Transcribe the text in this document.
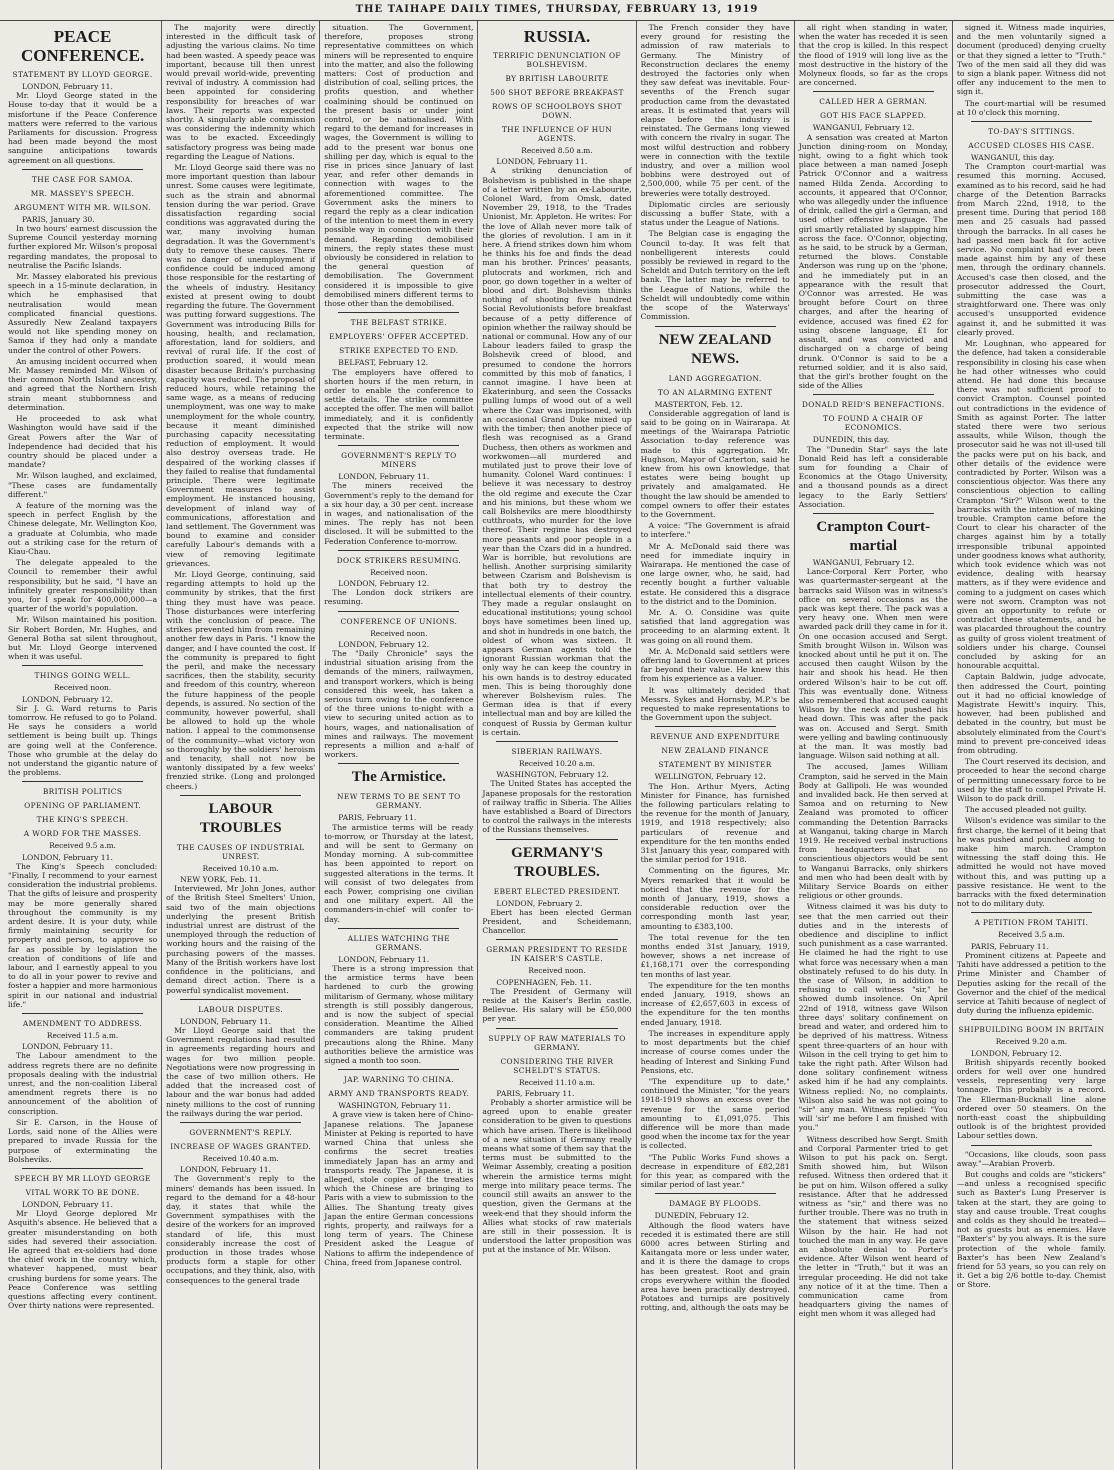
THE TAIHAPE DAILY TIMES, THURSDAY, FEBRUARY 13, 1919
PEACE CONFERENCE.
STATEMENT BY LLOYD GEORGE.
LONDON, February 11.

Mr. Lloyd George stated in the House to-day that it would be a misfortune if the Peace Conference matters were referred to the various Parliaments for discussion. Progress had been made beyond the most sanguine anticipations towards agreement on all questions.

THE CASE FOR SAMOA.
MR. MASSEY'S SPEECH.
ARGUMENT WITH MR. WILSON.
PARIS, January 30.

In two hours' earnest discussion the Supreme Council yesterday morning further explored Mr. Wilson's proposal regarding mandates, the proposal to neutralise the Pacific Islands.

Mr. Massey elaborated his previous speech in a 15-minute declaration, in which he emphasised that neutralisation would mean complicated financial questions. Assuredly New Zealand taxpayers would not like spending money on Samoa if they had only a mandate under the control of other Powers.

An amusing incident occurred when Mr. Massey reminded Mr. Wilson of their common North Island ancestry, and agreed that the Northern Irish strain meant stubbornness and determination.

He proceeded to ask what Washington would have said if the Great Powers after the War of Independence had decided that his country should be placed under a mandate?

Mr. Wilson laughed, and exclaimed, "These cases are fundamentally different."

A feature of the morning was the speech in perfect English by the Chinese delegate, Mr. Wellington Koo, a graduate at Columbia, who made out a striking case for the return of Kiau-Chau.

The delegate appealed to the Council to remember their awful responsibility, but he said, "I have an infinitely greater responsibility than you, for I speak for 400,000,000—a quarter of the world's population.

Mr. Wilson maintained his position. Sir Robert Borden, Mr. Hughes, and General Botha sat silent throughout, but Mr. Lloyd George intervened when it was useful.

THINGS GOING WELL.
Received noon.
LONDON, February 12.

Sir J. G. Ward returns to Paris tomorrow. He refused to go to Poland. He says he considers a world settlement is being built up. Things are going well at the Conference. Those who grumble at the delay do not understand the gigantic nature of the problems.

BRITISH POLITICS
OPENING OF PARLIAMENT.
THE KING'S SPEECH.
A WORD FOR THE MASSES.
Received 9.5 a.m.
LONDON, February 11.

The King's Speech concluded: "Finally, I recommend to your earnest consideration the industrial problems. That the gifts of leisure and prosperity may be more generally shared throughout the community is my ardent desire. It is your duty, while firmly maintaining security for property and person, to approve so far as possible by legislation the creation of conditions of life and labour, and I earnestly appeal to you to do all in your power to revive and foster a happier and more harmonious spirit in our national and industrial life."

AMENDMENT TO ADDRESS.
Received 11.5 a.m.
LONDON, February 11.

The Labour amendment to the address regrets there are no definite proposals dealing with the industrial unrest, and the non-coalition Liberal amendment regrets there is no announcement of the abolition of conscription.

Sir E. Carson, in the House of Lords, said none of the Allies were prepared to invade Russia for the purpose of exterminating the Bolsheviks.

SPEECH BY MR LLOYD GEORGE
VITAL WORK TO BE DONE.
LONDON, February 11.

Mr Lloyd George deplored Mr Asquith's absence. He believed that a greater misunderstanding on both sides had severed their association. He agreed that ex-soldiers had done the chief work in the country which, whatever happened, must bear crushing burdens for some years. The Peace Conference was settling questions affecting every continent. Over thirty nations were represented.

The majority were directly interested in the difficult task of adjusting the various claims. No time had been wasted. A speedy peace was important, because till then unrest would prevail world-wide, preventing revival of industry. A commission had been appointed for considering responsibility for breaches of war laws. Their reports was expected shortly. A singularly able commission was considering the indemnity which was to be exacted. Exceedingly satisfactory progress was being made regarding the League of Nations.

Mr. Lloyd George said there was no more important question than labour unrest. Some causes were legitimate, such as the strain and abnormal tension during the war period. Grave dissatisfaction regarding social conditions was aggravated during the war, many involving human degradation. It was the Government's duty to remove these causes. There was no danger of unemployment if confidence could be induced among those responsible for the restarting of the wheels of industry. Hesitancy existed at present owing to doubt regarding the future. The Government was putting forward suggestions. The Government was introducing Bills for housing, health, and reclamation, afforestation, land for soldiers, and revival of rural life. If the cost of production soared, it would mean disaster because Britain's purchasing capacity was reduced. The proposal of reduced hours, while retaining the same wage, as a means of reducing unemployment, was one way to make unemployment for the whole country, because it meant diminished purchasing capacity necessitating reduction of employment. It would also destroy overseas trade. He despaired of the working classes if they failed to realise that fundamental principle. There were legitimate Government measures to assist employment. He instanced housing, development of inland way of communications, afforestation and land settlement. The Government was bound to examine and consider carefully Labour's demands with a view of removing legitimate grievances.

Mr. Lloyd George, continuing, said regarding attempts to hold up the community by strikes, that the first thing they must have was peace. Those disturbances were interfering with the conclusion of peace. The strikes prevented him from remaining another few days in Paris. "I know the danger, and I have counted the cost. If the community is prepared to fight the peril, and make the necessary sacrifices, then the stability, security and freedom of this country, whereon the future happiness of the people depends, is assured. No section of the community, however powerful, shall be allowed to hold up the whole nation. I appeal to the commonsense of the community—what victory won so thoroughly by the soldiers' heroism and tenacity, shall not now be wantonly dissipated by a few weeks' frenzied strike. (Long and prolonged cheers.)

LABOUR TROUBLES
THE CAUSES OF INDUSTRIAL UNREST.
Received 10.10 a.m.
NEW YORK, Feb. 11.

Interviewed, Mr John Jones, author of the British Steel Smelters' Union, said two of the main objections underlying the present British industrial unrest are distrust of the unemployed through the reduction of working hours and the raising of the purchasing powers of the masses. Many of the British workers have lost confidence in the politicians, and demand direct action. There is a powerful syndicalist movement.

LABOUR DISPUTES.
LONDON, February 11.

Mr Lloyd George said that the Government regulations had resulted in agreements regarding hours and wages for two million people. Negotiations were now progressing in the case of two million others. He added that the increased cost of labour and the war bonus had added ninety millions to the cost of running the railways during the war period.

GOVERNMENT'S REPLY.
INCREASE OF WAGES GRANTED.
Received 10.40 a.m.
LONDON, February 11.

The Government's reply to the miners' demands has been issued. In regard to the demand for a 48-hour day, it states that while the Government sympathises with the desire of the workers for an improved standard of life, this must considerably increase the cost of production in those trades whose products form a staple for other occupations, and they think, also, with consequences to the general trade

situation. The Government, therefore, proposes strong representative committees on which miners will be represented to enquire into the matter, and also the following matters: Cost of production and distribution of coal, selling prices, the profits question, and whether coalmining should be continued on the present basis or under joint control, or be nationalised. With regard to the demand for increases in wages, the Government is willing to add to the present war bonus one shilling per day, which is equal to the rise in prices since January of last year, and refer other demands in connection with wages to the aforementioned committee. The Government asks the miners to regard the reply as a clear indication of the intention to meet them in every possible way in connection with their demand. Regarding demobilised miners, the reply states these must obviously be considered in relation to the general question of demobilisation. The Government considered it is impossible to give demobilised miners different terms to those other than the demobilised.

THE BELFAST STRIKE.
EMPLOYERS' OFFER ACCEPTED.
STRIKE EXPECTED TO END.
BELFAST, February 12.

The employers have offered to shorten hours if the men return, in order to enable the conference to settle details. The strike committee accepted the offer. The men will ballot immediately, and it is confidently expected that the strike will now terminate.

GOVERNMENT'S REPLY TO MINERS
LONDON, February 11.

The miners received the Government's reply to the demand for a six hour day, a 30 per cent. increase in wages, and nationalisation of the mines. The reply has not been disclosed. It will be submitted to the Federation Conference to-morrow.

DOCK STRIKERS RESUMING.
Received noon.
LONDON, February 12.

The London dock strikers are resuming.

CONFERENCE OF UNIONS.
Received noon.
LONDON, February 12.

The "Daily Chronicle" says the industrial situation arising from the demands of the miners, railwaymen, and transport workers, which is being considered this week, has taken a serious turn owing to the conference of the three unions to-night with a view to securing united action as to hours, wages, and nationalisation of mines and railways. The movement represents a million and a-half of workers.

The Armistice.
NEW TERMS TO BE SENT TO GERMANY.
PARIS, February 11.

The armistice terms will be ready to-morrow, or Thursday at the latest, and will be sent to Germany on Monday morning. A sub-committee has been appointed to report on suggested alterations in the terms. It will consist of two delegates from each Power, comprising one civilian and one military expert. All the commanders-in-chief will confer to-day.

ALLIES WATCHING THE GERMANS.
LONDON, February 11.

There is a strong impression that the armistice terms have been hardened to curb the growing militarism of Germany, whose military strength is still possibly dangerous, and is now the subject of special consideration. Meantime the Allied commanders are taking prudent precautions along the Rhine. Many authorities believe the armistice was signed a month too soon.

JAP. WARNING TO CHINA.
ARMY AND TRANSPORTS READY.
WASHINGTON, February 11.

A grave view is taken here of Chino-Japanese relations. The Japanese Minister at Peking is reported to have warned China that unless she confirms the secret treaties immediately Japan has an army and transports ready. The Japanese, it is alleged, stole copies of the treaties which the Chinese are bringing to Paris with a view to submission to the Allies. The Shantung treaty gives Japan the entire German concessions rights, property, and railways for a long term of years. The Chinese President asked the League of Nations to affirm the independence of China, freed from Japanese control.

RUSSIA.
TERRIFIC DENUNCIATION OF BOLSHEVISM.
BY BRITISH LABOURITE
500 SHOT BEFORE BREAKFAST
ROWS OF SCHOOLBOYS SHOT DOWN.
THE INFLUENCE OF HUN AGENTS.
Received 8.50 a.m.
LONDON, February 11.

A striking denunciation of Bolshevism is published in the shape of a letter written by an ex-Labourite, Colonel Ward, from Omsk, dated November 29, 1918, to the 'Trades Unionist, Mr. Appleton. He writes: For the love of Allah never more talk of the glories of revolution. I am in it here. A friend strikes down him whom he thinks his foe and finds the dead man his brother. Princes' peasants, plutocrats and workmen, rich and poor, go down together in a welter of blood and dirt. Bolshevism thinks nothing of shooting five hundred Social Revolutionists before breakfast because of a petty difference of opinion whether the railway should be national or communal. How any of our Labour leaders failed to grasp the Bolshevik creed of blood, and presumed to condone the horrors committed by this mob of fanatics, I cannot imagine. I have been at Ekaterinburg, and seen the Cossacks pulling lumps of wood out of a well where the Czar was imprisoned, with an occasional Grand Duke mixed up with the timber; then another piece of flesh was recognised as a Grand Duchess, then others as workmen and workwomen—all murdered and mutilated just to prove their love of humanity. Colonel Ward continues: I believe it was necessary to destroy the old regime and execute the Czar and his minions, but these whom we call Bolsheviks are mere bloodthirsty cutthroats, who murder for the love thereof. Their regime has destroyed more peasants and poor people in a year than the Czars did in a hundred. War is horrible, but revolutions are hellish. Another surprising similarity between Czarism and Bolshevism is that both try to destroy the intellectual elements of their country. They made a regular onslaught on educational institutions; young school boys have sometimes been lined up, and shot in hundreds in one batch, the oldest of whom was sixteen. It appears German agents told the ignorant Russian workman that the only way he can keep the country in his own hands is to destroy educated men. This is being thoroughly done wherever Bolshevism rules. The German idea is that if every intellectual man and boy are killed the conquest of Russia by German kultur is certain.

SIBERIAN RAILWAYS.
Received 10.20 a.m.
WASHINGTON, February 12.

The United States has accepted the Japanese proposals for the restoration of railway traffic in Siberia. The Allies have established a Board of Directors to control the railways in the interests of the Russians themselves.

GERMANY'S TROUBLES.
EBERT ELECTED PRESIDENT.
LONDON, February 2.

Ebert has been elected German President, and Scheidemann, Chancellor.

GERMAN PRESIDENT TO RESIDE IN KAISER'S CASTLE.
Received noon.
COPENHAGEN, Feb. 11.

The President of Germany will reside at the Kaiser's Berlin castle, Bellevue. His salary will be £50,000 per year.

SUPPLY OF RAW MATERIALS TO GERMANY.
CONSIDERING THE RIVER SCHELDT'S STATUS.
Received 11.10 a.m.
PARIS, February 11.

Probably a shorter armistice will be agreed upon to enable greater consideration to be given to questions which have arisen. There is likelihood of a new situation if Germany really means what some of them say that the terms must be submitted to the Weimar Assembly, creating a position wherein the armistice terms might merge into military peace terms. The council still awaits an answer to the question, given the Germans at the week-end that they should inform the Allies what stocks of raw materials are still in their possession. It is understood the latter proposition was put at the instance of Mr. Wilson.

The French consider they have every ground for resisting the admission of raw materials to Germany. The Ministry of Reconstruction declares the enemy destroyed the factories only when they saw defeat was inevitable. Four-sevenths of the French sugar production came from the devastated areas. It is estimated that years will elapse before the industry is reinstated. The Germans long viewed with concern the rivalry in sugar. The most wilful destruction and robbery were in connection with the textile industry, and over a million wool bobbins were destroyed out of 2,500,000, while 75 per cent. of the breweries were totally destroyed.

Diplomatic circles are seriously discussing a buffer State, with a status under the League of Nations.

The Belgian case is engaging the Council to-day. It was felt that nonbelligerent interests could possibly be reviewed in regard to the Scheldt and Dutch territory on the left bank. The latter may be referred to the League of Nations, while the Scheldt will undoubtedly come within the scope of the Waterways' Commission.

NEW ZEALAND NEWS.
LAND AGGREGATION.
TO AN ALARMING EXTENT
MASTERTON, Feb. 12.

Considerable aggregation of land is said to be going on in Wairarapa. At meetings of the Wairarapa Patriotic Association to-day reference was made to this aggregation. Mr. Hughson, Mayor of Carterton, said he knew from his own knowledge, that estates were being bought up privately and amalgamated. He thought the law should be amended to compel owners to offer their estates to the Government.

A voice: "The Government is afraid to interfere."

Mr A. McDonald said there was need for immediate inquiry in Wairarapa. He mentioned the case of one large owner, who, he said, had recently bought a further valuable estate. He considered this a disgrace to the district and to the Dominion.

Mr. A. O. Considine was quite satisfied that land aggregation was proceeding to an alarming extent. It was going on all round them.

Mr. A. McDonald said settlers were offering land to Government at prices far beyond their value. He knew this from his experience as a valuer.

It was ultimately decided that Messrs. Sykes and Hornsby, M.P.'s be requested to make representations to the Government upon the subject.

REVENUE AND EXPENDITURE
NEW ZEALAND FINANCE
STATEMENT BY MINISTER
WELLINGTON, February 12.

The Hon. Arthur Myers, Acting Minister for Finance, has furnished the following particulars relating to the revenue for the month of January, 1919, and 1918 respectively; also particulars of revenue and expenditure for the ten months ended 31st January this year, compared with the similar period for 1918.

Commenting on the figures, Mr. Myers remarked that it would be noticed that the revenue for the month of January, 1919, shows a considerable reduction over the corresponding month last year, amounting to £383,100.

The total revenue for the ten months ended 31st January, 1919, however, shows a net increase of £1,168,171 over the corresponding ten months of last year.

The expenditure for the ten months ended January, 1919, shows an increase of £2,657,603 in excess of the expenditure for the ten months ended January, 1918.

The increases in expenditure apply to most departments but the chief increase of course comes under the heading of Interest and Sinking Fund Pensions, etc.

"The expenditure up to date," continued the Minister, "for the years 1918-1919 shows an excess over the revenue for the same period amounting to £1,091,075. This difference will be more than made good when the income tax for the year is collected.

"The Public Works Fund shows a decrease in expenditure of £82,281 for this year, as compared with the similar period of last year."

DAMAGE BY FLOODS.
DUNEDIN, February 12.

Although the flood waters have receded it is estimated there are still 6000 acres between Stirling and Kaitangata more or less under water, and it is there the damage to crops has been greatest. Root and grain crops everywhere within the flooded area have been practically destroyed. Potatoes and turnips are positively rotting, and, although the oats may be

all right when standing in water, when the water has receded it is seen that the crop is killed. In this respect the flood of 1919 will long live as the most destructive in the history of the Molyneux floods, so far as the crops are concerned.

CALLED HER A GERMAN.
GOT HIS FACE SLAPPED.
WANGANUI, February 12.

A sensation was created at Marton Junction dining-room on Monday, night, owing to a fight which took place between a man named Joseph Patrick O'Connor and a waitress named Hilda Zenda. According to accounts, it appeared that O'Connor, who was allegedly under the influence of drink, called the girl a German, and used other offensive language. The girl smartly retaliated by slapping him across the face. O'Connor, objecting, as he said, to be struck by a German, returned the blows. Constable Anderson was rung up on the 'phone, and he immediately put in an appearance with the result that O'Connor was arrested. He was brought before Court on three charges, and after the hearing of evidence, accused was fined £2 for using obscene language, £1 for assault, and was convicted and discharged on a charge of being drunk. O'Connor is said to be a returned soldier, and it is also said, that the girl's brother fought on the side of the Allies

DONALD REID'S BENEFACTIONS.
TO FOUND A CHAIR OF ECONOMICS.
DUNEDIN, this day.

The "Dunedin Star" says the late Donald Reid has left a considerable sum for founding a Chair of Economics at the Otago University, and a thousand pounds as a direct legacy to the Early Settlers' Association.

Crampton Court-martial
WANGANUI, February 12.

Lance-Corporal Kerr Porter, who was quartermaster-sergeant at the barracks said Wilson was in witness's office on several occasions as the pack was kept there. The pack was a very heavy one. When men were awarded pack drill they came in for it. On one occasion accused and Sergt. Smith brought Wilson in. Wilson was knocked about until he put it on. The accused then caught Wilson by the hair and shook his head. He then ordered Wilson's hair to be cut off. This was eventually done. Witness also remembered that accused caught Wilson by the neck and pushed his head down. This was after the pack was on. Accused and Sergt. Smith were yelling and bawling continuously at the man. It was mostly bad language. Wilson said nothing at all.

The accused, James William Crampton, said he served in the Main Body at Gallipoli. He was wounded and invalided back. He then served at Samoa and on returning to New Zealand was promoted to officer commanding the Detention Barracks at Wanganui, taking charge in March 1919. He received verbal instructions from headquarters that no conscientious objectors would be sent to Wanganui Barracks, only shirkers and men who had been dealt with by Military Service Boards on either religious or other grounds.

Witness claimed it was his duty to see that the men carried out their duties and in the interests of obedience and discipline to inflict such punishment as a case warranted. He claimed he had the right to use what force was necessary when a man obstinately refused to do his duty. In the case of Wilson, in addition to refusing to call witness "sir," he showed dumb insolence. On April 22nd of 1918, witness gave Wilson three days' solitary confinement on bread and water, and ordered him to be deprived of his mattress. Witness spent three-quarters of an hour with Wilson in the cell trying to get him to take the right path. After Wilson had done solitary confinement witness asked him if he had any complaints. Witness replied: No, no complaints. Wilson also said he was not going to "sir" any man. Witness replied: "You will 'sir' me before I am finished with you."

Witness described how Sergt. Smith and Corporal Parmenter tried to get Wilson to put his pack on. Sergt. Smith showed him, but Wilson refused. Witness then ordered that it be put on him. Wilson offered a sulky resistance. After that he addressed witness as "sir," and there was no further trouble. There was no truth in the statement that witness seized Wilson by the hair. He had not touched the man in any way. He gave an absolute denial to Porter's evidence. After Wilson went heard of the letter in "Truth," but it was an irregular proceeding. He did not take any notice of it at the time. Then a communication came from headquarters giving the names of eight men whom it was alleged had

signed it. Witness made inquiries, and the men voluntarily signed a document (produced) denying cruelty or that they signed a letter to "Truth." Two of the men said all they did was to sign a blank paper. Witness did not offer any inducement to the men to sign it.

The court-martial will be resumed at 10 o'clock this morning.

TO-DAY'S SITTINGS.
ACCUSED CLOSES HIS CASE.
WANGANUI, this day.

The Crampton court-martial was resumed this morning. Accused, examined as to his record, said he had charge of the Detention Barracks from March 22nd, 1918, to the present time. During that period 188 men and 25 casuals had passed through the barracks. In all cases he had passed men back fit for active service. No complaint had ever been made against him by any of these men, through the ordinary channels. Accused's case then closed, and the prosecutor addressed the Court, submitting the case was a straightforward one. There was only accused's unsupported evidence against it, and he submitted it was clearly proved.

Mr. Loughnan, who appeared for the defence, had taken a considerable responsibility in closing his case when he had other witnesses who could attend. He had done this because there was not sufficient proof to convict Crampton. Counsel pointed out contradictions in the evidence of Smith as against Porter. The latter stated there were two serious assaults, while Wilson, though the prosecutor said he was not ill-used till the packs were put on his back, and other details of the evidence were contradicted by Porter. Wilson was a conscientious objector. Was there any conscientious objection to calling Crampton "Sir?" Wilson went to the barracks with the intention of making trouble. Crampton came before the Court to clear his character of the charges against him by a totally irresponsible tribunal appointed under goodness knows what authority, which took evidence which was not evidence, dealing with hearsay matters, as if they were evidence and coming to a judgment on cases which were not sworn. Crampton was not given an opportunity to refute or contradict these statements, and he was placarded throughout the country as guilty of gross violent treatment of soldiers under his charge. Counsel concluded by asking for an honourable acquittal.

Captain Baldwin, judge advocate, then addressed the Court, pointing out it had no official knowledge of Magistrate Hewitt's inquiry. This, however, had been published and debated in the country, but must be absolutely eliminated from the Court's mind to prevent pre-conceived ideas from obtruding.

The Court reserved its decision, and proceeded to hear the second charge of permitting unnecessary force to be used by the staff to compel Private H. Wilson to do pack drill.

The accused pleaded not guilty.

Wilson's evidence was similar to the first charge, the kernel of it being that he was pushed and punched along to make him march. Crampton witnessing the staff doing this. He admitted he would not have moved without this, and was putting up a passive resistance. He went to the barracks with the fixed determination not to do military duty.

A PETITION FROM TAHITI.
Received 3.5 a.m.
PARIS, February 11.

Prominent citizens at Papeete and Tahiti have addressed a petition to the Prime Minister and Chamber of Deputies asking for the recall of the Governor and the chief of the medical service at Tahiti because of neglect of duty during the influenza epidemic.

SHIPBUILDING BOOM IN BRITAIN
Received 9.20 a.m.
LONDON, February 12.

British shipyards recently booked orders for well over one hundred vessels, representing very large tonnage. This probably is a record. The Ellerman-Bucknall line alone ordered over 50 steamers. On the north-east coast the shipbuilding outlook is of the brightest provided Labour settles down.

"Occasions, like clouds, soon pass away."—Arabian Proverb.

But coughs and colds are "stickers" —and unless a recognised specific such as Baxter's Lung Preserver is taken at the start, they are going to stay and cause trouble. Treat coughs and colds as they should be treated—not as guests but as enemies. Have "Baxter's" by you always. It is the sure protection of the whole family. Baxter's has been New Zealand's friend for 53 years, so you can rely on it. Get a big 2/6 bottle to-day. Chemist or Store.
